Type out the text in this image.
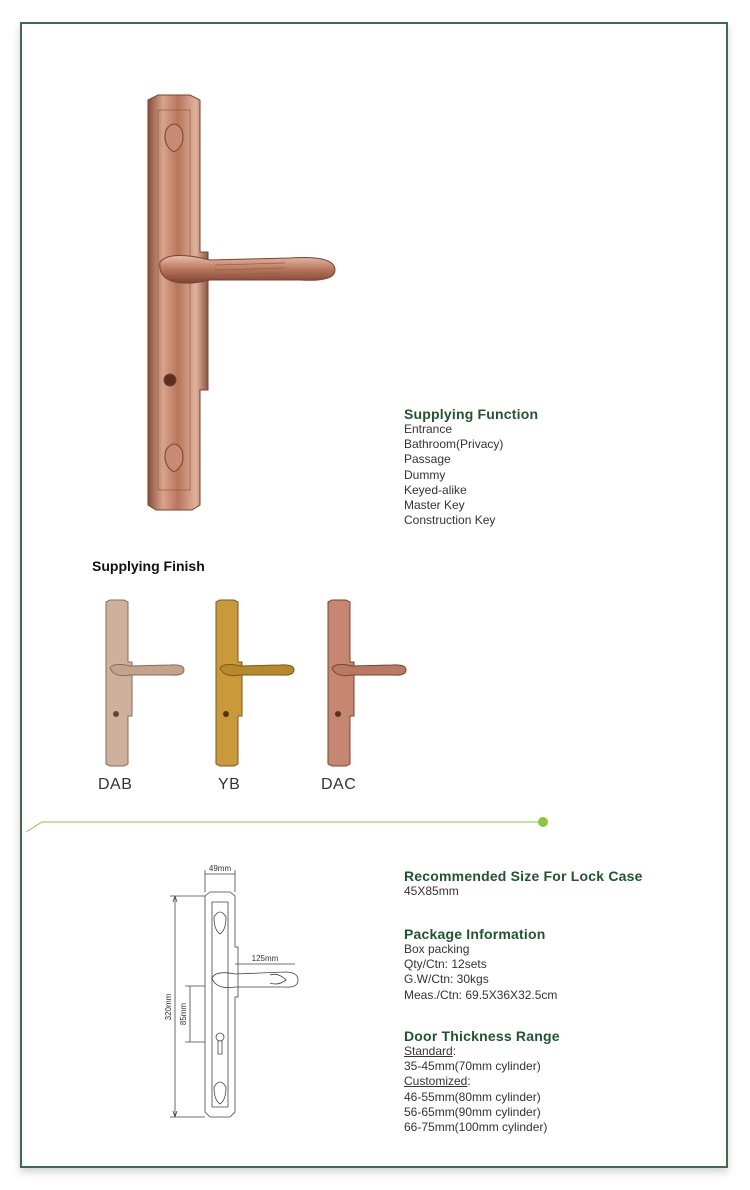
Supplying Function
Entrance
Bathroom(Privacy)
Passage
Dummy
Keyed-alike
Master Key
Construction Key
Supplying Finish
DAB	YB	DAC
49mm
125mm
320mm 85mm
Recommended Size For Lock Case
45X85mm
Package Information
Box packing
Qty/Ctn: 12sets
G.W/Ctn: 30kgs
Meas./Ctn: 69.5X36X32.5cm
Door Thickness Range
Standard:
35-45mm(70mm cylinder)
Customized:
46-55mm(80mm cylinder)
56-65mm(90mm cylinder)
66-75mm(100mm cylinder)
